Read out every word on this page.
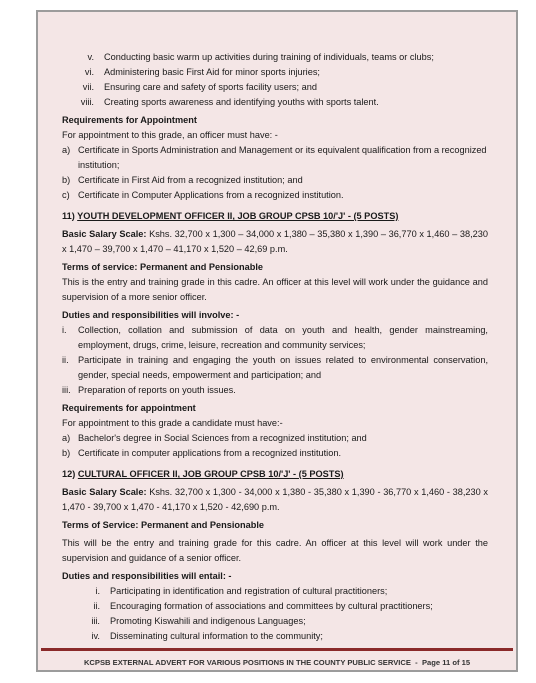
v.	Conducting basic warm up activities during training of individuals, teams or clubs;
vi.	Administering basic First Aid for minor sports injuries;
vii.	Ensuring care and safety of sports facility users; and
viii.	Creating sports awareness and identifying youths with sports talent.

Requirements for Appointment

For appointment to this grade, an officer must have: -

a) Certificate in Sports Administration and Management or its equivalent qualification from a recognized institution;
b) Certificate in First Aid from a recognized institution; and
c) Certificate in Computer Applications from a recognized institution.

11) YOUTH DEVELOPMENT OFFICER II, JOB GROUP CPSB 10/'J' - (5 POSTS)

Basic Salary Scale: Kshs. 32,700 x 1,300 – 34,000 x 1,380 – 35,380 x 1,390 – 36,770 x 1,460 – 38,230 x 1,470 – 39,700 x 1,470 – 41,170 x 1,520 – 42,69 p.m.

Terms of service: Permanent and Pensionable

This is the entry and training grade in this cadre. An officer at this level will work under the guidance and supervision of a more senior officer.

Duties and responsibilities will involve: -

i.	Collection, collation and submission of data on youth and health, gender mainstreaming, employment, drugs, crime, leisure, recreation and community services;
ii.	Participate in training and engaging the youth on issues related to environmental conservation, gender, special needs, empowerment and participation; and
iii. Preparation of reports on youth issues.

Requirements for appointment

For appointment to this grade a candidate must have:-

a) Bachelor's degree in Social Sciences from a recognized institution; and
b) Certificate in computer applications from a recognized institution.

12) CULTURAL OFFICER II, JOB GROUP CPSB 10/'J' - (5 POSTS)

Basic Salary Scale: Kshs. 32,700 x 1,300 - 34,000 x 1,380 - 35,380 x 1,390 - 36,770 x 1,460 - 38,230 x 1,470 - 39,700 x 1,470 - 41,170 x 1,520 - 42,690 p.m.

Terms of Service: Permanent and Pensionable

This will be the entry and training grade for this cadre. An officer at this level will work under the supervision and guidance of a senior officer.

Duties and responsibilities will entail: -

i.	Participating in identification and registration of cultural practitioners;
ii.	Encouraging formation of associations and committees by cultural practitioners;
iii.	Promoting Kiswahili and indigenous Languages;
iv.	Disseminating cultural information to the community;
KCPSB EXTERNAL ADVERT FOR VARIOUS POSITIONS IN THE COUNTY PUBLIC SERVICE - Page 11 of 15
